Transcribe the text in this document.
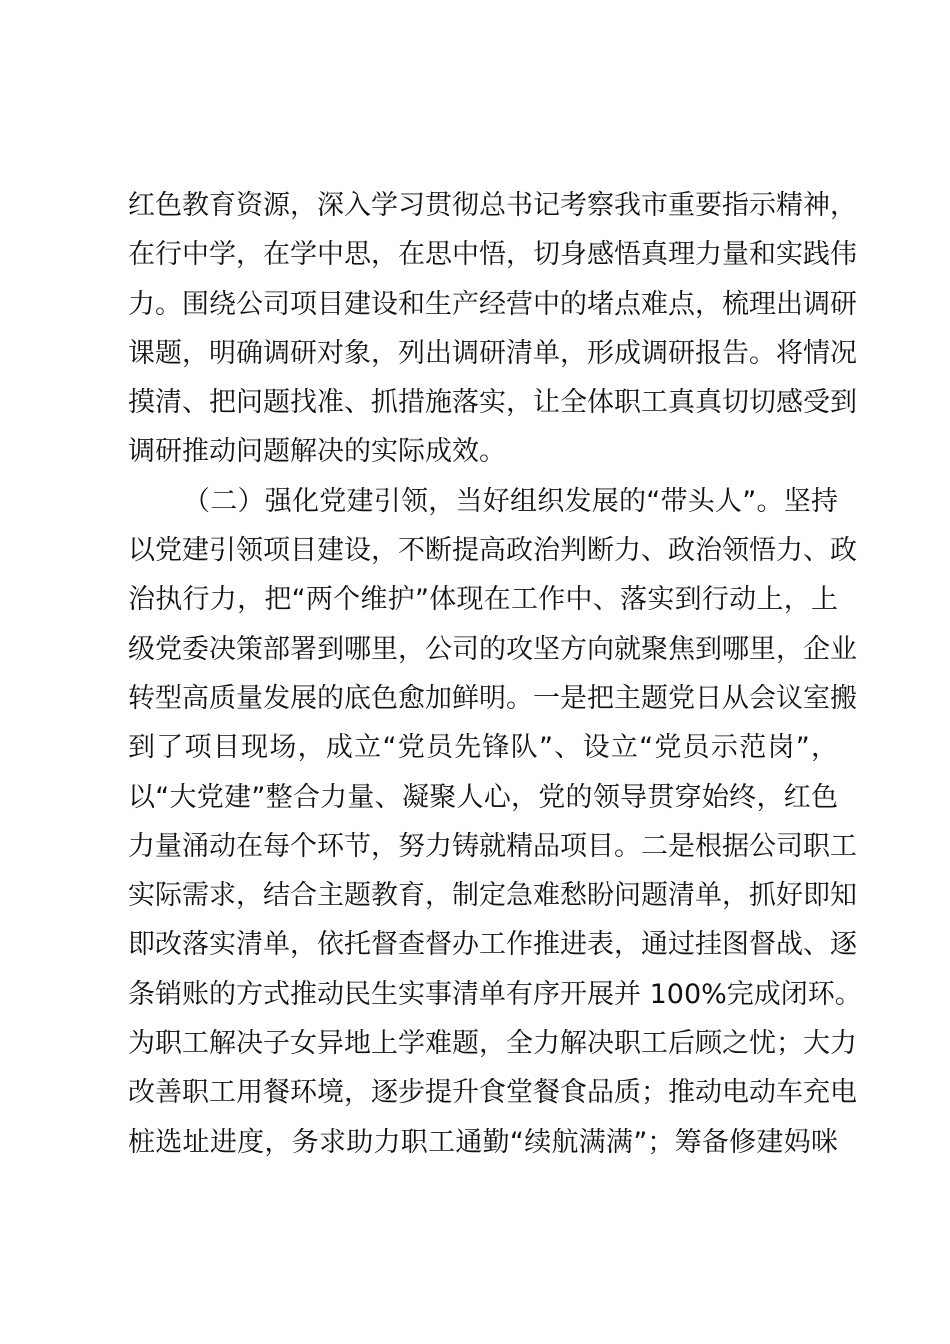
红色教育资源，深入学习贯彻总书记考察我市重要指示精神，
在行中学，在学中思，在思中悟，切身感悟真理力量和实践伟
力。围绕公司项目建设和生产经营中的堵点难点，梳理出调研
课题，明确调研对象，列出调研清单，形成调研报告。将情况
摸清、把问题找准、抓措施落实，让全体职工真真切切感受到
调研推动问题解决的实际成效。
（二）强化党建引领，当好组织发展的“带头人”。坚持
以党建引领项目建设，不断提高政治判断力、政治领悟力、政
治执行力，把“两个维护”体现在工作中、落实到行动上，上
级党委决策部署到哪里，公司的攻坚方向就聚焦到哪里，企业
转型高质量发展的底色愈加鲜明。一是把主题党日从会议室搬
到了项目现场，成立“党员先锋队”、设立“党员示范岗”，
以“大党建”整合力量、凝聚人心，党的领导贯穿始终，红色
力量涌动在每个环节，努力铸就精品项目。二是根据公司职工
实际需求，结合主题教育，制定急难愁盼问题清单，抓好即知
即改落实清单，依托督查督办工作推进表，通过挂图督战、逐
条销账的方式推动民生实事清单有序开展并 100%完成闭环。
为职工解决子女异地上学难题，全力解决职工后顾之忧；大力
改善职工用餐环境，逐步提升食堂餐食品质；推动电动车充电
桩选址进度，务求助力职工通勤“续航满满”；筹备修建妈咪
